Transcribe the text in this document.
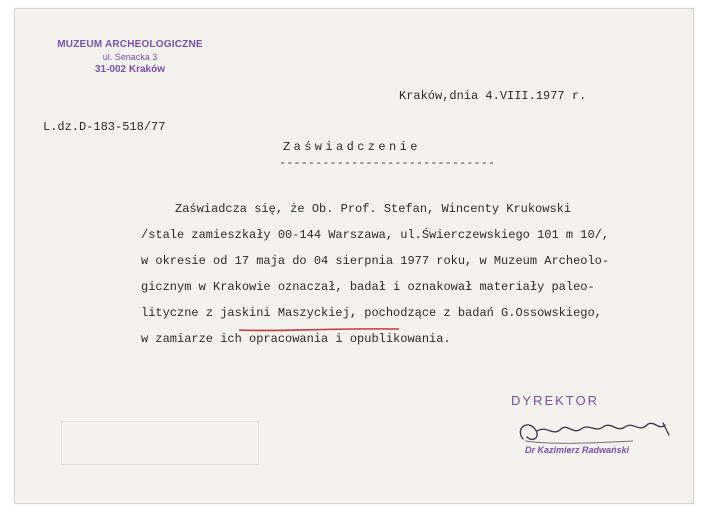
MUZEUM ARCHEOLOGICZNE
ul. Senacka 3
31-002 Kraków
Kraków,dnia 4.VIII.1977 r.
L.dz.D-183-518/77
Zaświadczenie
------------------------------
Zaświadcza się, że Ob. Prof. Stefan, Wincenty Krukowski
/stale zamieszkały 00-144 Warszawa, ul.Świerczewskiego 101 m 10/,
w okresie od 17 maja do 04 sierpnia 1977 roku, w Muzeum Archeolo-
gicznym w Krakowie oznaczał, badał i oznakował materiały paleo-
lityczne z jaskini Maszyckiej, pochodzące z badań G.Ossowskiego,
w zamiarze ich opracowania i opublikowania.
DYREKTOR
Dr Kazimierz Radwański
